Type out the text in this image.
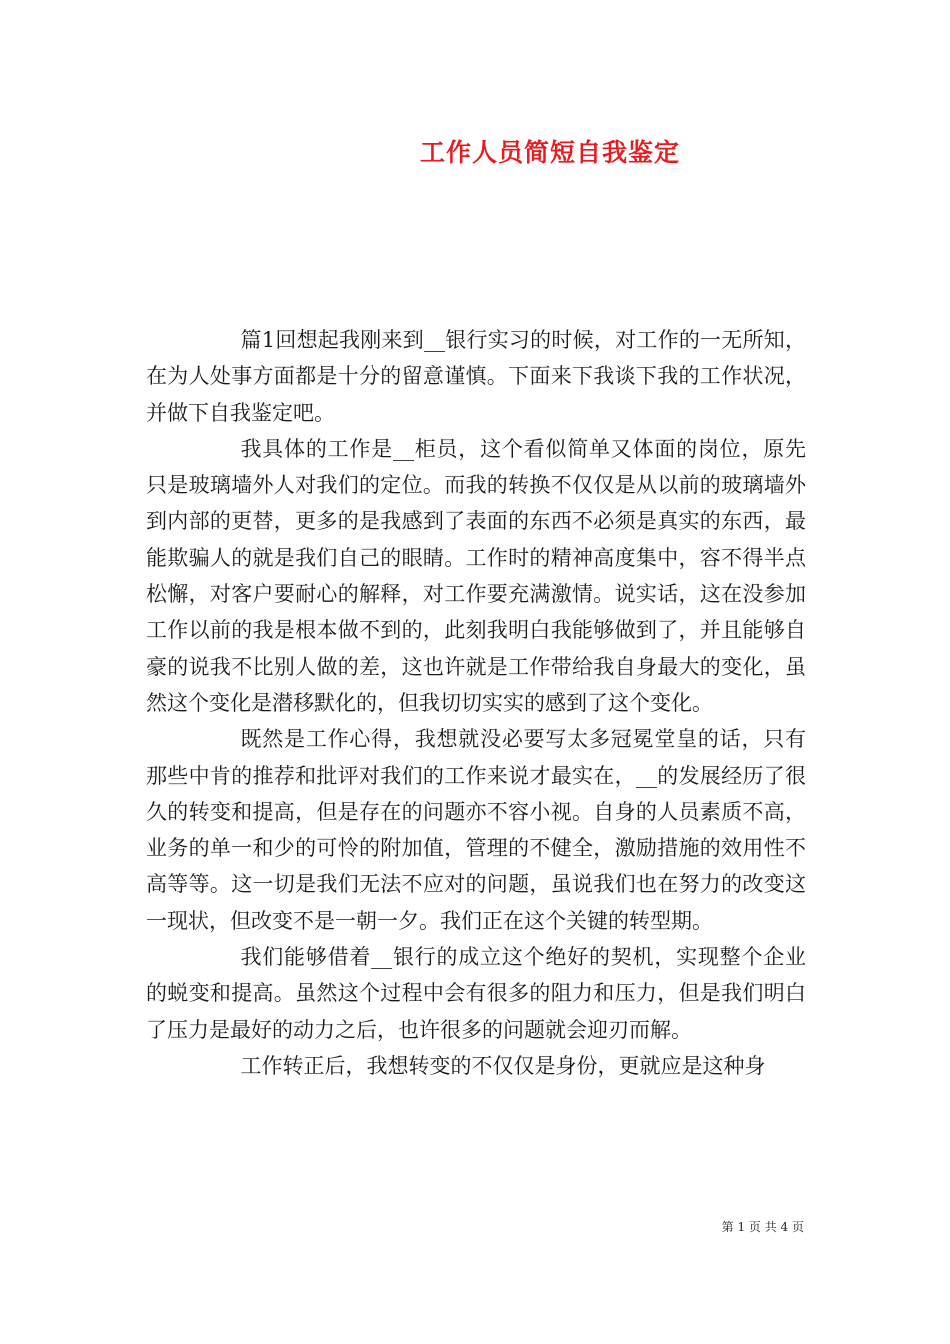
工作人员简短自我鉴定

篇1回想起我刚来到__银行实习的时候，对工作的一无所知，在为人处事方面都是十分的留意谨慎。下面来下我谈下我的工作状况，并做下自我鉴定吧。

我具体的工作是__柜员，这个看似简单又体面的岗位，原先只是玻璃墙外人对我们的定位。而我的转换不仅仅是从以前的玻璃墙外到内部的更替，更多的是我感到了表面的东西不必须是真实的东西，最能欺骗人的就是我们自己的眼睛。工作时的精神高度集中，容不得半点松懈，对客户要耐心的解释，对工作要充满激情。说实话，这在没参加工作以前的我是根本做不到的，此刻我明白我能够做到了，并且能够自豪的说我不比别人做的差，这也许就是工作带给我自身最大的变化，虽然这个变化是潜移默化的，但我切切实实的感到了这个变化。

既然是工作心得，我想就没必要写太多冠冕堂皇的话，只有那些中肯的推荐和批评对我们的工作来说才最实在，__的发展经历了很久的转变和提高，但是存在的问题亦不容小视。自身的人员素质不高，业务的单一和少的可怜的附加值，管理的不健全，激励措施的效用性不高等等。这一切是我们无法不应对的问题，虽说我们也在努力的改变这一现状，但改变不是一朝一夕。我们正在这个关键的转型期。

我们能够借着__银行的成立这个绝好的契机，实现整个企业的蜕变和提高。虽然这个过程中会有很多的阻力和压力，但是我们明白了压力是最好的动力之后，也许很多的问题就会迎刃而解。

工作转正后，我想转变的不仅仅是身份，更就应是这种身

第 1 页 共 4 页
